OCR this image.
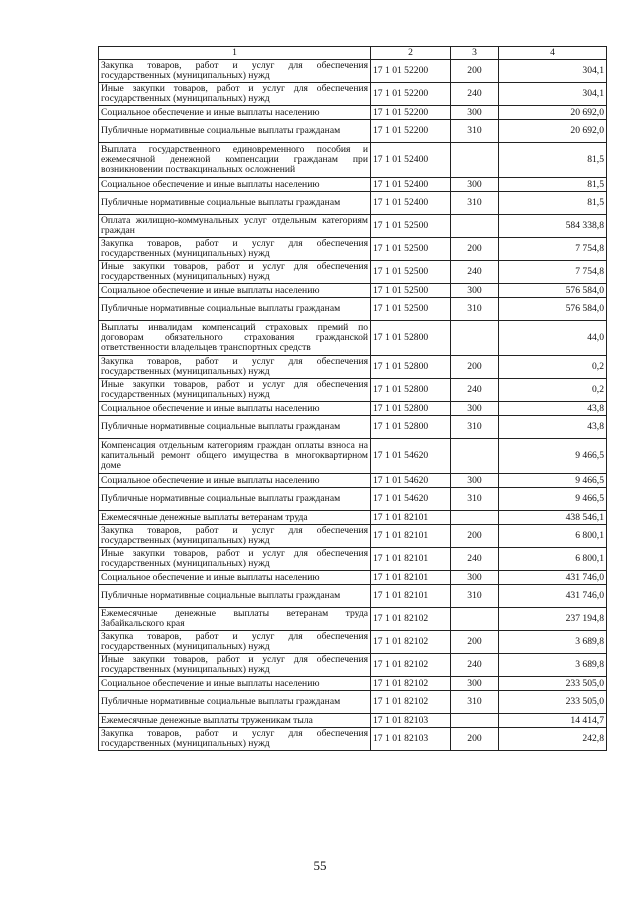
1	2	3	4
Закупка товаров, работ и услуг для обеспечения государственных (муниципальных) нужд	17 1 01 52200	200	304,1
Иные закупки товаров, работ и услуг для обеспечения государственных (муниципальных) нужд	17 1 01 52200	240	304,1
Социальное обеспечение и иные выплаты населению	17 1 01 52200	300	20 692,0
Публичные нормативные социальные выплаты гражданам	17 1 01 52200	310	20 692,0
Выплата государственного единовременного пособия и ежемесячной денежной компенсации гражданам при возникновении поствакцинальных осложнений	17 1 01 52400		81,5
Социальное обеспечение и иные выплаты населению	17 1 01 52400	300	81,5
Публичные нормативные социальные выплаты гражданам	17 1 01 52400	310	81,5
Оплата жилищно-коммунальных услуг отдельным категориям граждан	17 1 01 52500		584 338,8
Закупка товаров, работ и услуг для обеспечения государственных (муниципальных) нужд	17 1 01 52500	200	7 754,8
Иные закупки товаров, работ и услуг для обеспечения государственных (муниципальных) нужд	17 1 01 52500	240	7 754,8
Социальное обеспечение и иные выплаты населению	17 1 01 52500	300	576 584,0
Публичные нормативные социальные выплаты гражданам	17 1 01 52500	310	576 584,0
Выплаты инвалидам компенсаций страховых премий по договорам обязательного страхования гражданской ответственности владельцев транспортных средств	17 1 01 52800		44,0
Закупка товаров, работ и услуг для обеспечения государственных (муниципальных) нужд	17 1 01 52800	200	0,2
Иные закупки товаров, работ и услуг для обеспечения государственных (муниципальных) нужд	17 1 01 52800	240	0,2
Социальное обеспечение и иные выплаты населению	17 1 01 52800	300	43,8
Публичные нормативные социальные выплаты гражданам	17 1 01 52800	310	43,8
Компенсация отдельным категориям граждан оплаты взноса на капитальный ремонт общего имущества в многоквартирном доме	17 1 01 54620		9 466,5
Социальное обеспечение и иные выплаты населению	17 1 01 54620	300	9 466,5
Публичные нормативные социальные выплаты гражданам	17 1 01 54620	310	9 466,5
Ежемесячные денежные выплаты ветеранам труда	17 1 01 82101		438 546,1
Закупка товаров, работ и услуг для обеспечения государственных (муниципальных) нужд	17 1 01 82101	200	6 800,1
Иные закупки товаров, работ и услуг для обеспечения государственных (муниципальных) нужд	17 1 01 82101	240	6 800,1
Социальное обеспечение и иные выплаты населению	17 1 01 82101	300	431 746,0
Публичные нормативные социальные выплаты гражданам	17 1 01 82101	310	431 746,0
Ежемесячные денежные выплаты ветеранам труда Забайкальского края	17 1 01 82102		237 194,8
Закупка товаров, работ и услуг для обеспечения государственных (муниципальных) нужд	17 1 01 82102	200	3 689,8
Иные закупки товаров, работ и услуг для обеспечения государственных (муниципальных) нужд	17 1 01 82102	240	3 689,8
Социальное обеспечение и иные выплаты населению	17 1 01 82102	300	233 505,0
Публичные нормативные социальные выплаты гражданам	17 1 01 82102	310	233 505,0
Ежемесячные денежные выплаты труженикам тыла	17 1 01 82103		14 414,7
Закупка товаров, работ и услуг для обеспечения государственных (муниципальных) нужд	17 1 01 82103	200	242,8
55
